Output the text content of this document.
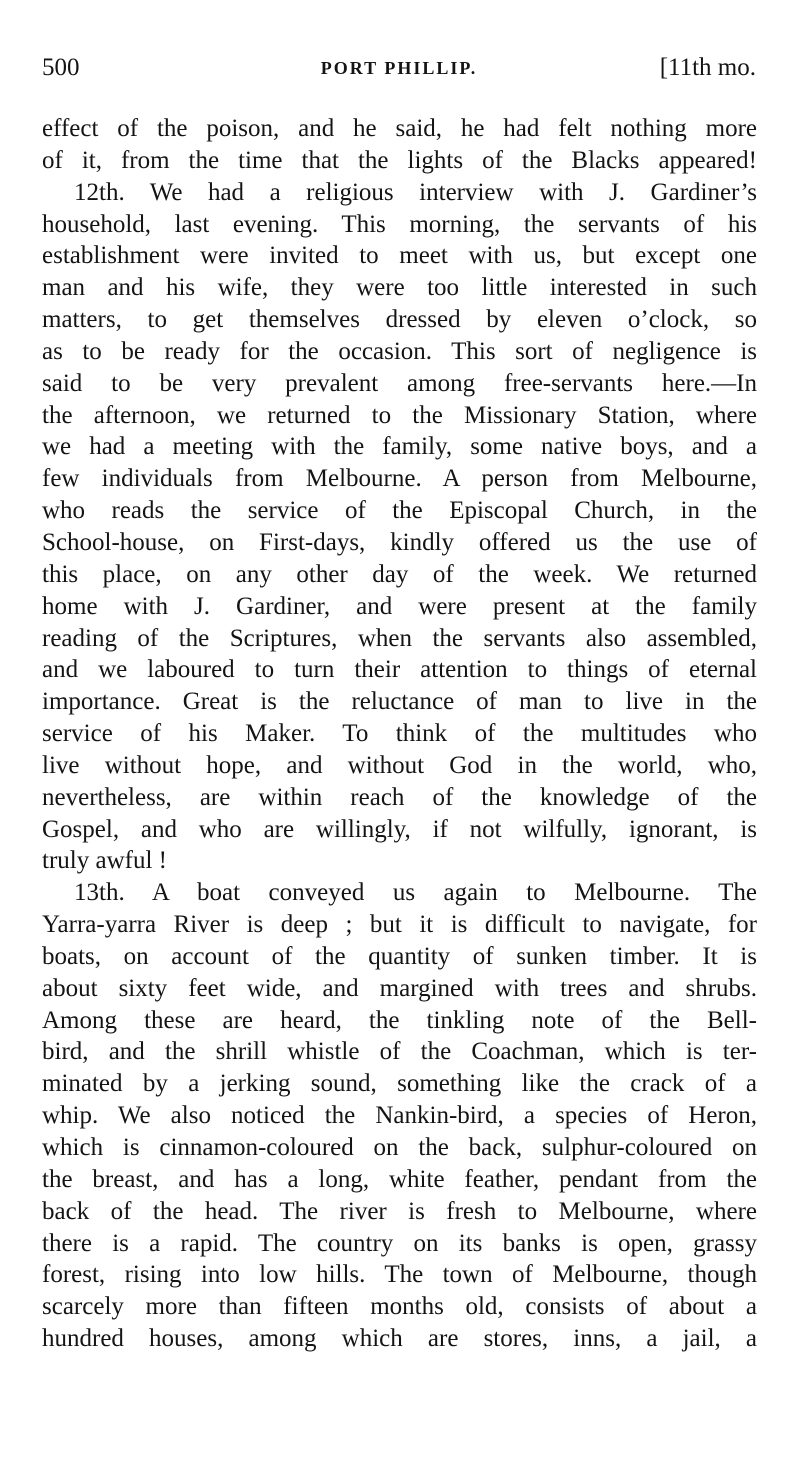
500	PORT PHILLIP.	[11th mo.
effect of the poison, and he said, he had felt nothing more
of it, from the time that the lights of the Blacks appeared!
12th. We had a religious interview with J. Gardiner’s
household, last evening. This morning, the servants of his
establishment were invited to meet with us, but except one
man and his wife, they were too little interested in such
matters, to get themselves dressed by eleven o’clock, so
as to be ready for the occasion. This sort of negligence is
said to be very prevalent among free-servants here.—In
the afternoon, we returned to the Missionary Station, where
we had a meeting with the family, some native boys, and a
few individuals from Melbourne. A person from Melbourne,
who reads the service of the Episcopal Church, in the
School-house, on First-days, kindly offered us the use of
this place, on any other day of the week. We returned
home with J. Gardiner, and were present at the family
reading of the Scriptures, when the servants also assembled,
and we laboured to turn their attention to things of eternal
importance. Great is the reluctance of man to live in the
service of his Maker. To think of the multitudes who
live without hope, and without God in the world, who,
nevertheless, are within reach of the knowledge of the
Gospel, and who are willingly, if not wilfully, ignorant, is
truly awful !
13th. A boat conveyed us again to Melbourne. The
Yarra-yarra River is deep ; but it is difficult to navigate, for
boats, on account of the quantity of sunken timber. It is
about sixty feet wide, and margined with trees and shrubs.
Among these are heard, the tinkling note of the Bell-
bird, and the shrill whistle of the Coachman, which is ter-
minated by a jerking sound, something like the crack of a
whip. We also noticed the Nankin-bird, a species of Heron,
which is cinnamon-coloured on the back, sulphur-coloured on
the breast, and has a long, white feather, pendant from the
back of the head. The river is fresh to Melbourne, where
there is a rapid. The country on its banks is open, grassy
forest, rising into low hills. The town of Melbourne, though
scarcely more than fifteen months old, consists of about a
hundred houses, among which are stores, inns, a jail, a
